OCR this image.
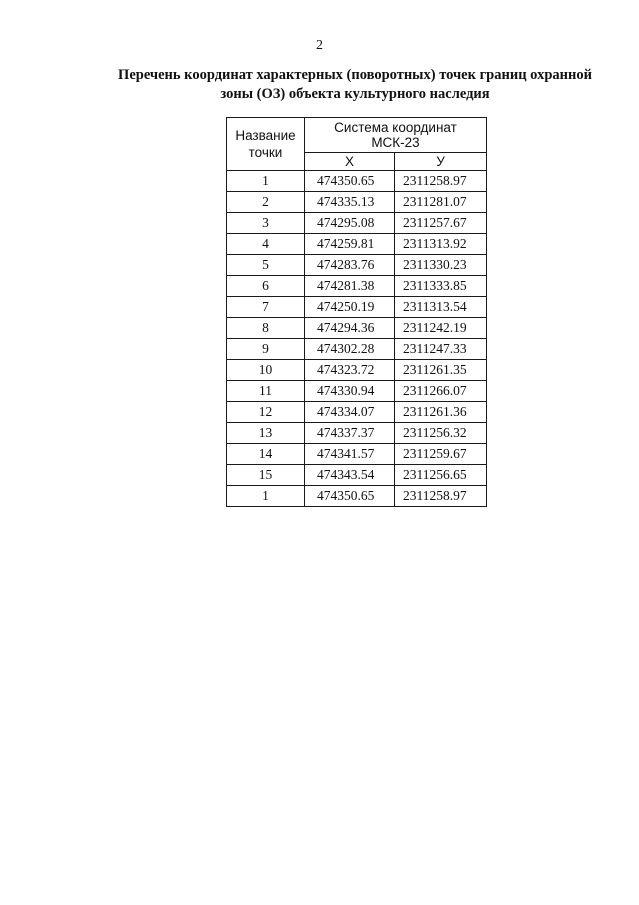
2
Перечень координат характерных (поворотных) точек границ охранной зоны (ОЗ) объекта культурного наследия
Название точки	Система координат
МСК-23	

	Х	У
1	474350.65	2311258.97
2	474335.13	2311281.07
3	474295.08	2311257.67
4	474259.81	2311313.92
5	474283.76	2311330.23
6	474281.38	2311333.85
7	474250.19	2311313.54
8	474294.36	2311242.19
9	474302.28	2311247.33
10	474323.72	2311261.35
11	474330.94	2311266.07
12	474334.07	2311261.36
13	474337.37	2311256.32
14	474341.57	2311259.67
15	474343.54	2311256.65
1	474350.65	2311258.97
